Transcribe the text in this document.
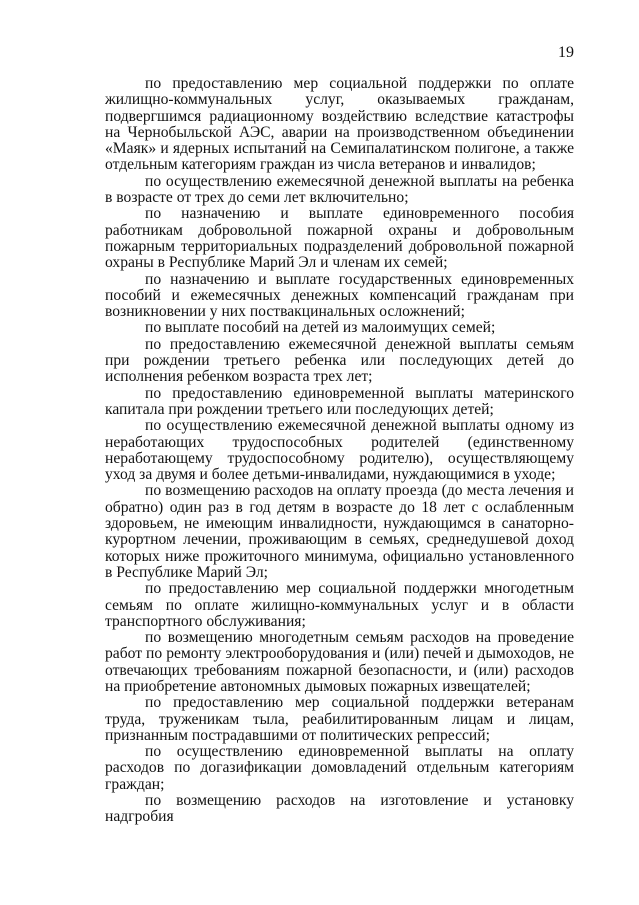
19

по предоставлению мер социальной поддержки по оплате жилищно-коммунальных услуг, оказываемых гражданам, подвергшимся радиационному воздействию вследствие катастрофы на Чернобыльской АЭС, аварии на производственном объединении «Маяк» и ядерных испытаний на Семипалатинском полигоне, а также отдельным категориям граждан из числа ветеранов и инвалидов;

по осуществлению ежемесячной денежной выплаты на ребенка в возрасте от трех до семи лет включительно;

по назначению и выплате единовременного пособия работникам добровольной пожарной охраны и добровольным пожарным территориальных подразделений добровольной пожарной охраны в Республике Марий Эл и членам их семей;

по назначению и выплате государственных единовременных пособий и ежемесячных денежных компенсаций гражданам при возникновении у них поствакцинальных осложнений;

по выплате пособий на детей из малоимущих семей;

по предоставлению ежемесячной денежной выплаты семьям при рождении третьего ребенка или последующих детей до исполнения ребенком возраста трех лет;

по предоставлению единовременной выплаты материнского капитала при рождении третьего или последующих детей;

по осуществлению ежемесячной денежной выплаты одному из неработающих трудоспособных родителей (единственному неработающему трудоспособному родителю), осуществляющему уход за двумя и более детьми-инвалидами, нуждающимися в уходе;

по возмещению расходов на оплату проезда (до места лечения и обратно) один раз в год детям в возрасте до 18 лет с ослабленным здоровьем, не имеющим инвалидности, нуждающимся в санаторно-курортном лечении, проживающим в семьях, среднедушевой доход которых ниже прожиточного минимума, официально установленного в Республике Марий Эл;

по предоставлению мер социальной поддержки многодетным семьям по оплате жилищно-коммунальных услуг и в области транспортного обслуживания;

по возмещению многодетным семьям расходов на проведение работ по ремонту электрооборудования и (или) печей и дымоходов, не отвечающих требованиям пожарной безопасности, и (или) расходов на приобретение автономных дымовых пожарных извещателей;

по предоставлению мер социальной поддержки ветеранам труда, труженикам тыла, реабилитированным лицам и лицам, признанным пострадавшими от политических репрессий;

по осуществлению единовременной выплаты на оплату расходов по догазификации домовладений отдельным категориям граждан;

по возмещению расходов на изготовление и установку надгробия
